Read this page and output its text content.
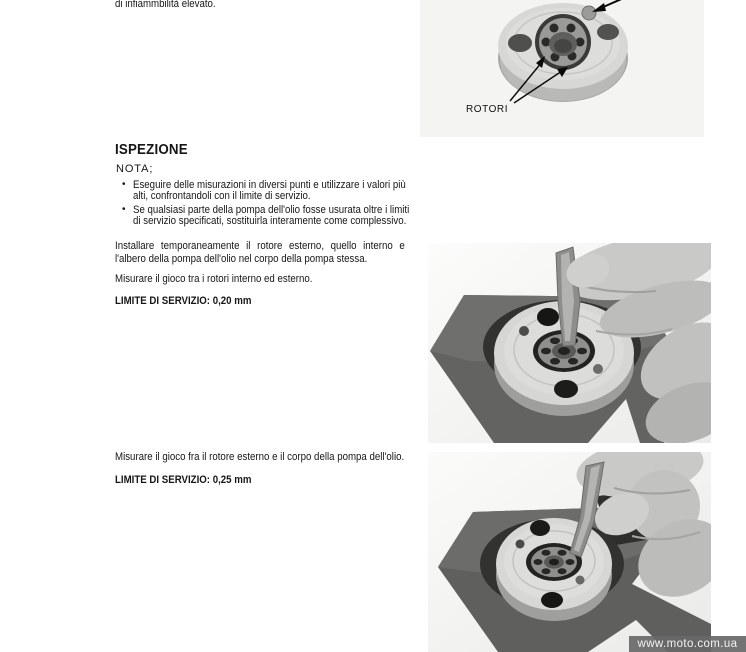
di infiammbilità elevato.
ISPEZIONE
NOTA;
• Eseguire delle misurazioni in diversi punti e utilizzare i valori più
alti, confrontandoli con il limite di servizio.
• Se qualsiasi parte della pompa dell'olio fosse usurata oltre i limiti
di servizio specificati, sostituirla interamente come complessivo.
Installare temporaneamente il rotore esterno, quello interno e
l'albero della pompa dell'olio nel corpo della pompa stessa.
Misurare il gioco tra i rotori interno ed esterno.
LIMITE DI SERVIZIO: 0,20 mm
Misurare il gioco fra il rotore esterno e il corpo della pompa dell'olio.
LIMITE DI SERVIZIO: 0,25 mm
ROTORI
www.moto.com.ua
